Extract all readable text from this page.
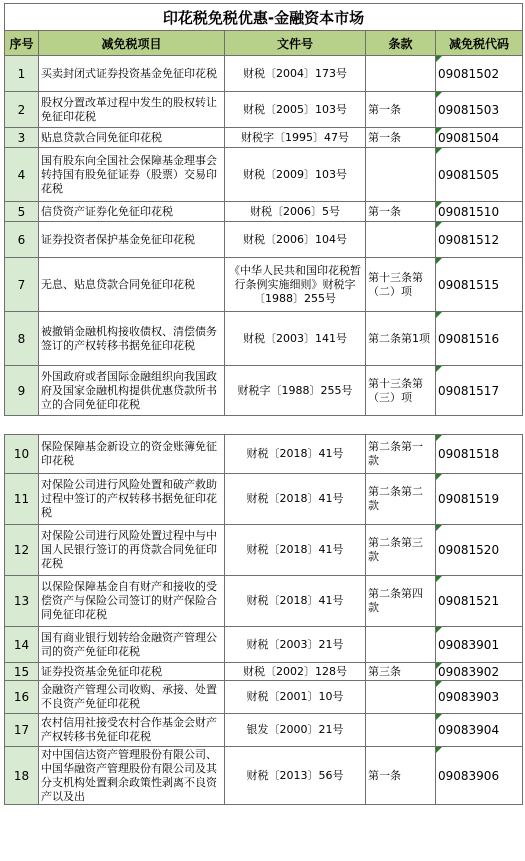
印花税免税优惠-金融资本市场				
序号	减免税项目	文件号	条款	减免税代码

1	买卖封闭式证券投资基金免征印花税	财税〔2004〕173号		09081502

2	股权分置改革过程中发生的股权转让免征印花税	财税〔2005〕103号	第一条	09081503

3	贴息贷款合同免征印花税	财税字〔1995〕47号	第一条	09081504

4	国有股东向全国社会保障基金理事会转持国有股免征证券（股票）交易印花税	财税〔2009〕103号		09081505

5	信贷资产证券化免征印花税	财税〔2006〕5号	第一条	09081510

6	证券投资者保护基金免征印花税	财税〔2006〕104号		09081512

7	无息、贴息贷款合同免征印花税	《中华人民共和国印花税暂行条例实施细则》财税字〔1988〕255号	第十三条第（二）项	09081515

8	被撤销金融机构接收债权、清偿债务签订的产权转移书据免征印花税	财税〔2003〕141号	第二条第1项	09081516

9	外国政府或者国际金融组织向我国政府及国家金融机构提供优惠贷款所书立的合同免征印花税	财税字〔1988〕255号	第十三条第（三）项	09081517
10	保险保障基金新设立的资金账簿免征印花税	财税〔2018〕41号	第二条第一款	09081518

11	对保险公司进行风险处置和破产救助过程中签订的产权转移书据免征印花税	财税〔2018〕41号	第二条第二款	09081519

12	对保险公司进行风险处置过程中与中国人民银行签订的再贷款合同免征印花税	财税〔2018〕41号	第二条第三款	09081520

13	以保险保障基金自有财产和接收的受偿资产与保险公司签订的财产保险合同免征印花税	财税〔2018〕41号	第二条第四款	09081521

14	国有商业银行划转给金融资产管理公司的资产免征印花税	财税〔2003〕21号		09083901

15	证券投资基金免征印花税	财税〔2002〕128号	第三条	09083902

16	金融资产管理公司收购、承接、处置不良资产免征印花税	财税〔2001〕10号		09083903

17	农村信用社接受农村合作基金会财产产权转移书免征印花税	银发〔2000〕21号		09083904

18	对中国信达资产管理股份有限公司、中国华融资产管理股份有限公司及其分支机构处置剩余政策性剥离不良资产以及出	财税〔2013〕56号	第一条	09083906
